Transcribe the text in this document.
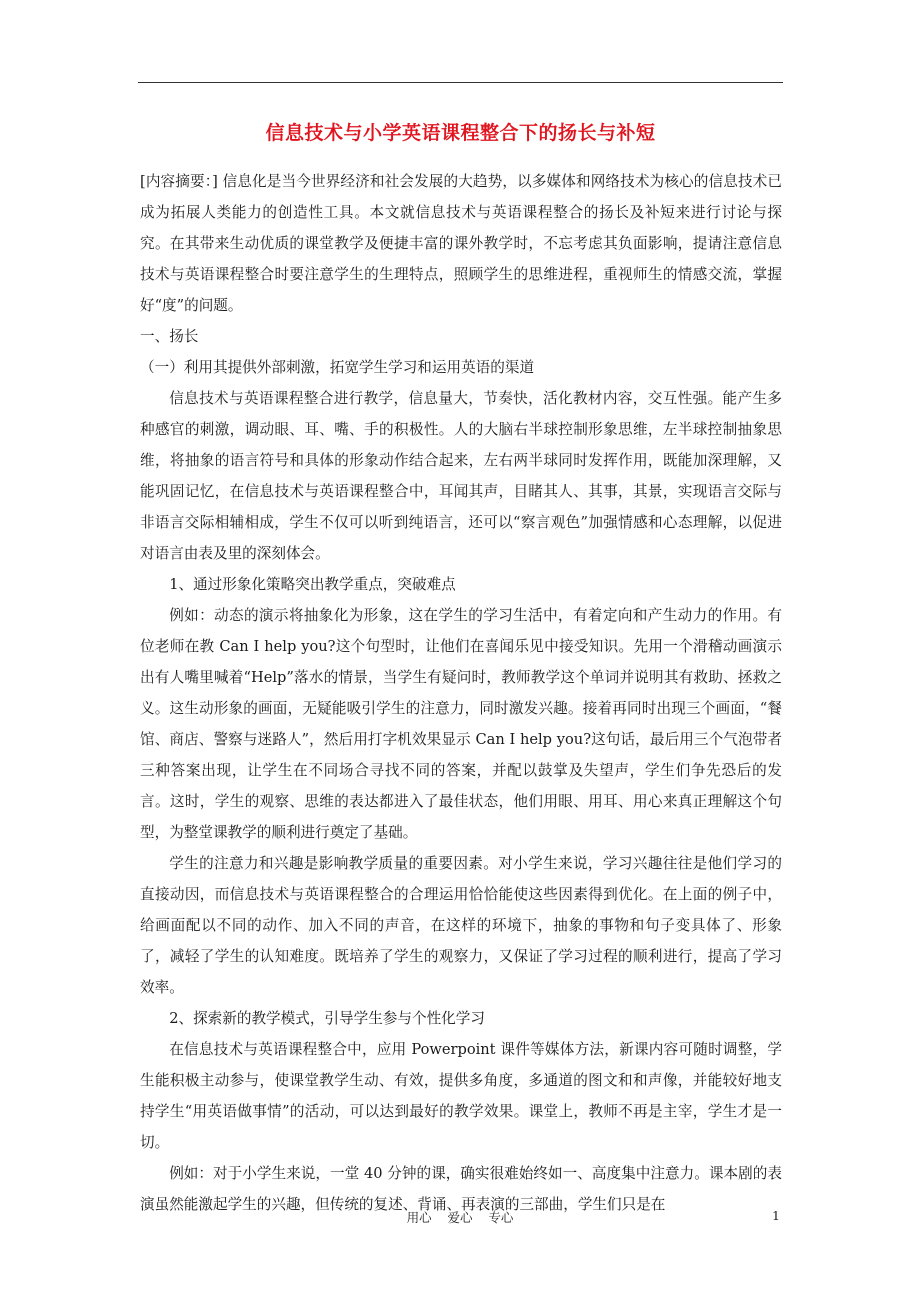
信息技术与小学英语课程整合下的扬长与补短

[内容摘要：] 信息化是当今世界经济和社会发展的大趋势，以多媒体和网络技术为核心的信息技术已成为拓展人类能力的创造性工具。本文就信息技术与英语课程整合的扬长及补短来进行讨论与探究。在其带来生动优质的课堂教学及便捷丰富的课外教学时，不忘考虑其负面影响，提请注意信息技术与英语课程整合时要注意学生的生理特点，照顾学生的思维进程，重视师生的情感交流，掌握好“度”的问题。

一、扬长

（一）利用其提供外部刺激，拓宽学生学习和运用英语的渠道

信息技术与英语课程整合进行教学，信息量大，节奏快，活化教材内容，交互性强。能产生多种感官的刺激，调动眼、耳、嘴、手的积极性。人的大脑右半球控制形象思维，左半球控制抽象思维，将抽象的语言符号和具体的形象动作结合起来，左右两半球同时发挥作用，既能加深理解，又能巩固记忆，在信息技术与英语课程整合中，耳闻其声，目睹其人、其事，其景，实现语言交际与非语言交际相辅相成，学生不仅可以听到纯语言，还可以“察言观色”加强情感和心态理解，以促进对语言由表及里的深刻体会。

1、通过形象化策略突出教学重点，突破难点

例如：动态的演示将抽象化为形象，这在学生的学习生活中，有着定向和产生动力的作用。有位老师在教 Can I help you?这个句型时，让他们在喜闻乐见中接受知识。先用一个滑稽动画演示出有人嘴里喊着“Help”落水的情景，当学生有疑问时，教师教学这个单词并说明其有救助、拯救之义。这生动形象的画面，无疑能吸引学生的注意力，同时激发兴趣。接着再同时出现三个画面，“餐馆、商店、警察与迷路人”，然后用打字机效果显示 Can I help you?这句话，最后用三个气泡带者三种答案出现，让学生在不同场合寻找不同的答案，并配以鼓掌及失望声，学生们争先恐后的发言。这时，学生的观察、思维的表达都进入了最佳状态，他们用眼、用耳、用心来真正理解这个句型，为整堂课教学的顺利进行奠定了基础。

学生的注意力和兴趣是影响教学质量的重要因素。对小学生来说，学习兴趣往往是他们学习的直接动因，而信息技术与英语课程整合的合理运用恰恰能使这些因素得到优化。在上面的例子中，给画面配以不同的动作、加入不同的声音，在这样的环境下，抽象的事物和句子变具体了、形象了，减轻了学生的认知难度。既培养了学生的观察力，又保证了学习过程的顺利进行，提高了学习效率。

2、探索新的教学模式，引导学生参与个性化学习

在信息技术与英语课程整合中，应用 Powerpoint 课件等媒体方法，新课内容可随时调整，学生能积极主动参与，使课堂教学生动、有效，提供多角度，多通道的图文和和声像，并能较好地支持学生“用英语做事情”的活动，可以达到最好的教学效果。课堂上，教师不再是主宰，学生才是一切。

例如：对于小学生来说，一堂 40 分钟的课，确实很难始终如一、高度集中注意力。课本剧的表演虽然能激起学生的兴趣，但传统的复述、背诵、再表演的三部曲，学生们只是在

用心    爱心    专心	1
